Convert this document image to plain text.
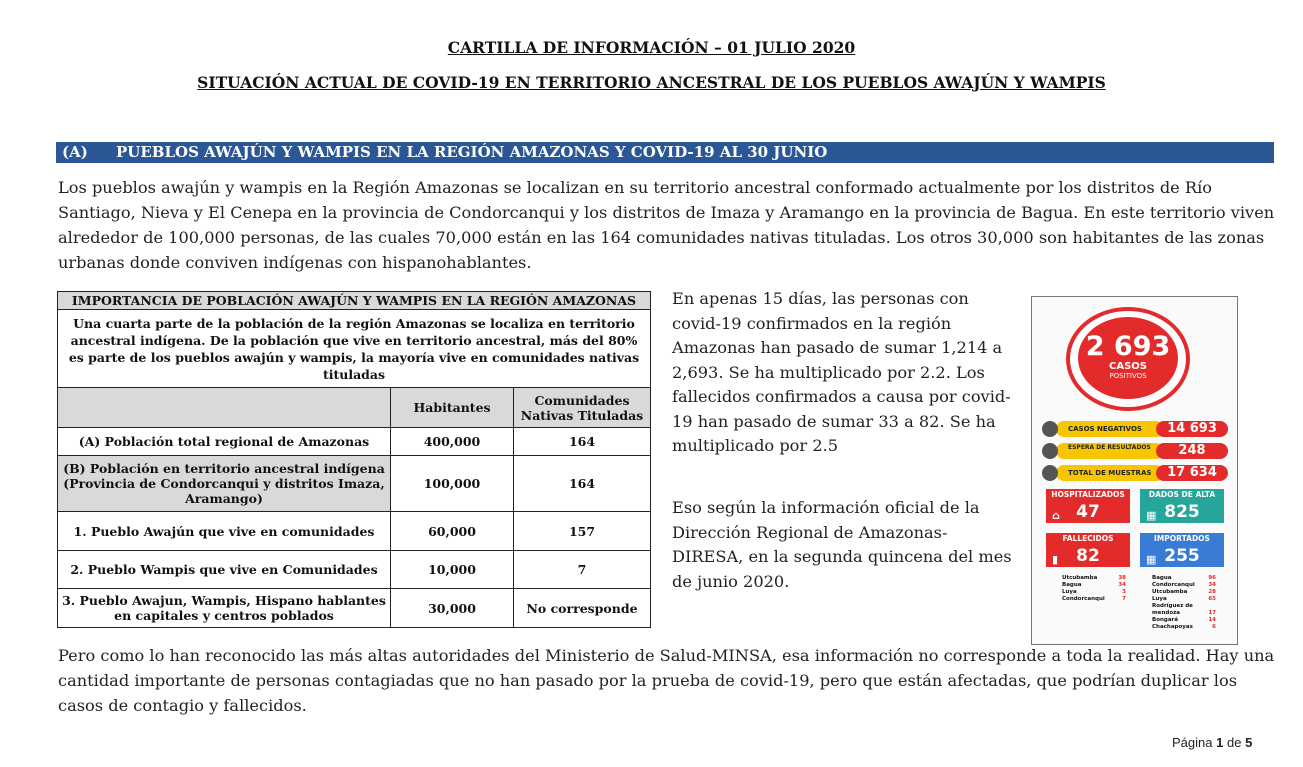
CARTILLA DE INFORMACIÓN – 01 JULIO 2020
SITUACIÓN ACTUAL DE COVID-19 EN TERRITORIO ANCESTRAL DE LOS PUEBLOS AWAJÚN Y WAMPIS
(A) PUEBLOS AWAJÚN Y WAMPIS EN LA REGIÓN AMAZONAS Y COVID-19 AL 30 JUNIO
Los pueblos awajún y wampis en la Región Amazonas se localizan en su territorio ancestral conformado actualmente por los distritos de Río Santiago, Nieva y El Cenepa en la provincia de Condorcanqui y los distritos de Imaza y Aramango en la provincia de Bagua. En este territorio viven alrededor de 100,000 personas, de las cuales 70,000 están en las 164 comunidades nativas tituladas. Los otros 30,000 son habitantes de las zonas urbanas donde conviven indígenas con hispanohablantes.
IMPORTANCIA DE POBLACIÓN AWAJÚN Y WAMPIS EN LA REGIÓN AMAZONAS		
Una cuarta parte de la población de la región Amazonas se localiza en territorio ancestral indígena. De la población que vive en territorio ancestral, más del 80% es parte de los pueblos awajún y wampis, la mayoría vive en comunidades nativas tituladas		
	Habitantes	Comunidades Nativas Tituladas
(A) Población total regional de Amazonas	400,000	164
(B) Población en territorio ancestral indígena (Provincia de Condorcanqui y distritos Imaza, Aramango)	100,000	164
1. Pueblo Awajún que vive en comunidades	60,000	157
2. Pueblo Wampis que vive en Comunidades	10,000	7
3. Pueblo Awajun, Wampis, Hispano hablantes en capitales y centros poblados	30,000	No corresponde
En apenas 15 días, las personas con covid-19 confirmados en la región Amazonas han pasado de sumar 1,214 a 2,693. Se ha multiplicado por 2.2. Los fallecidos confirmados a causa por covid-19 han pasado de sumar 33 a 82. Se ha multiplicado por 2.5
Eso según la información oficial de la Dirección Regional de Amazonas-DIRESA, en la segunda quincena del mes de junio 2020.
2 693
CASOS
POSITIVOS
CASOS NEGATIVOS	14 693
ESPERA DE RESULTADOS	248
TOTAL DE MUESTRAS	17 634
HOSPITALIZADOS
⌂ 47
DADOS DE ALTA
▦ 825
FALLECIDOS
▮ 82
IMPORTADOS
▦ 255
Utcubamba	38
Bagua	34
Luya	3
Condorcanqui	7
Bagua	96
Condorcanqui 34
Utcubamba	28
Luya	65
Rodríguez de mendoza	17
Bongará	14
Chachapoyas	6
Pero como lo han reconocido las más altas autoridades del Ministerio de Salud-MINSA, esa información no corresponde a toda la realidad. Hay una cantidad importante de personas contagiadas que no han pasado por la prueba de covid-19, pero que están afectadas, que podrían duplicar los casos de contagio y fallecidos.
Página 1 de 5
